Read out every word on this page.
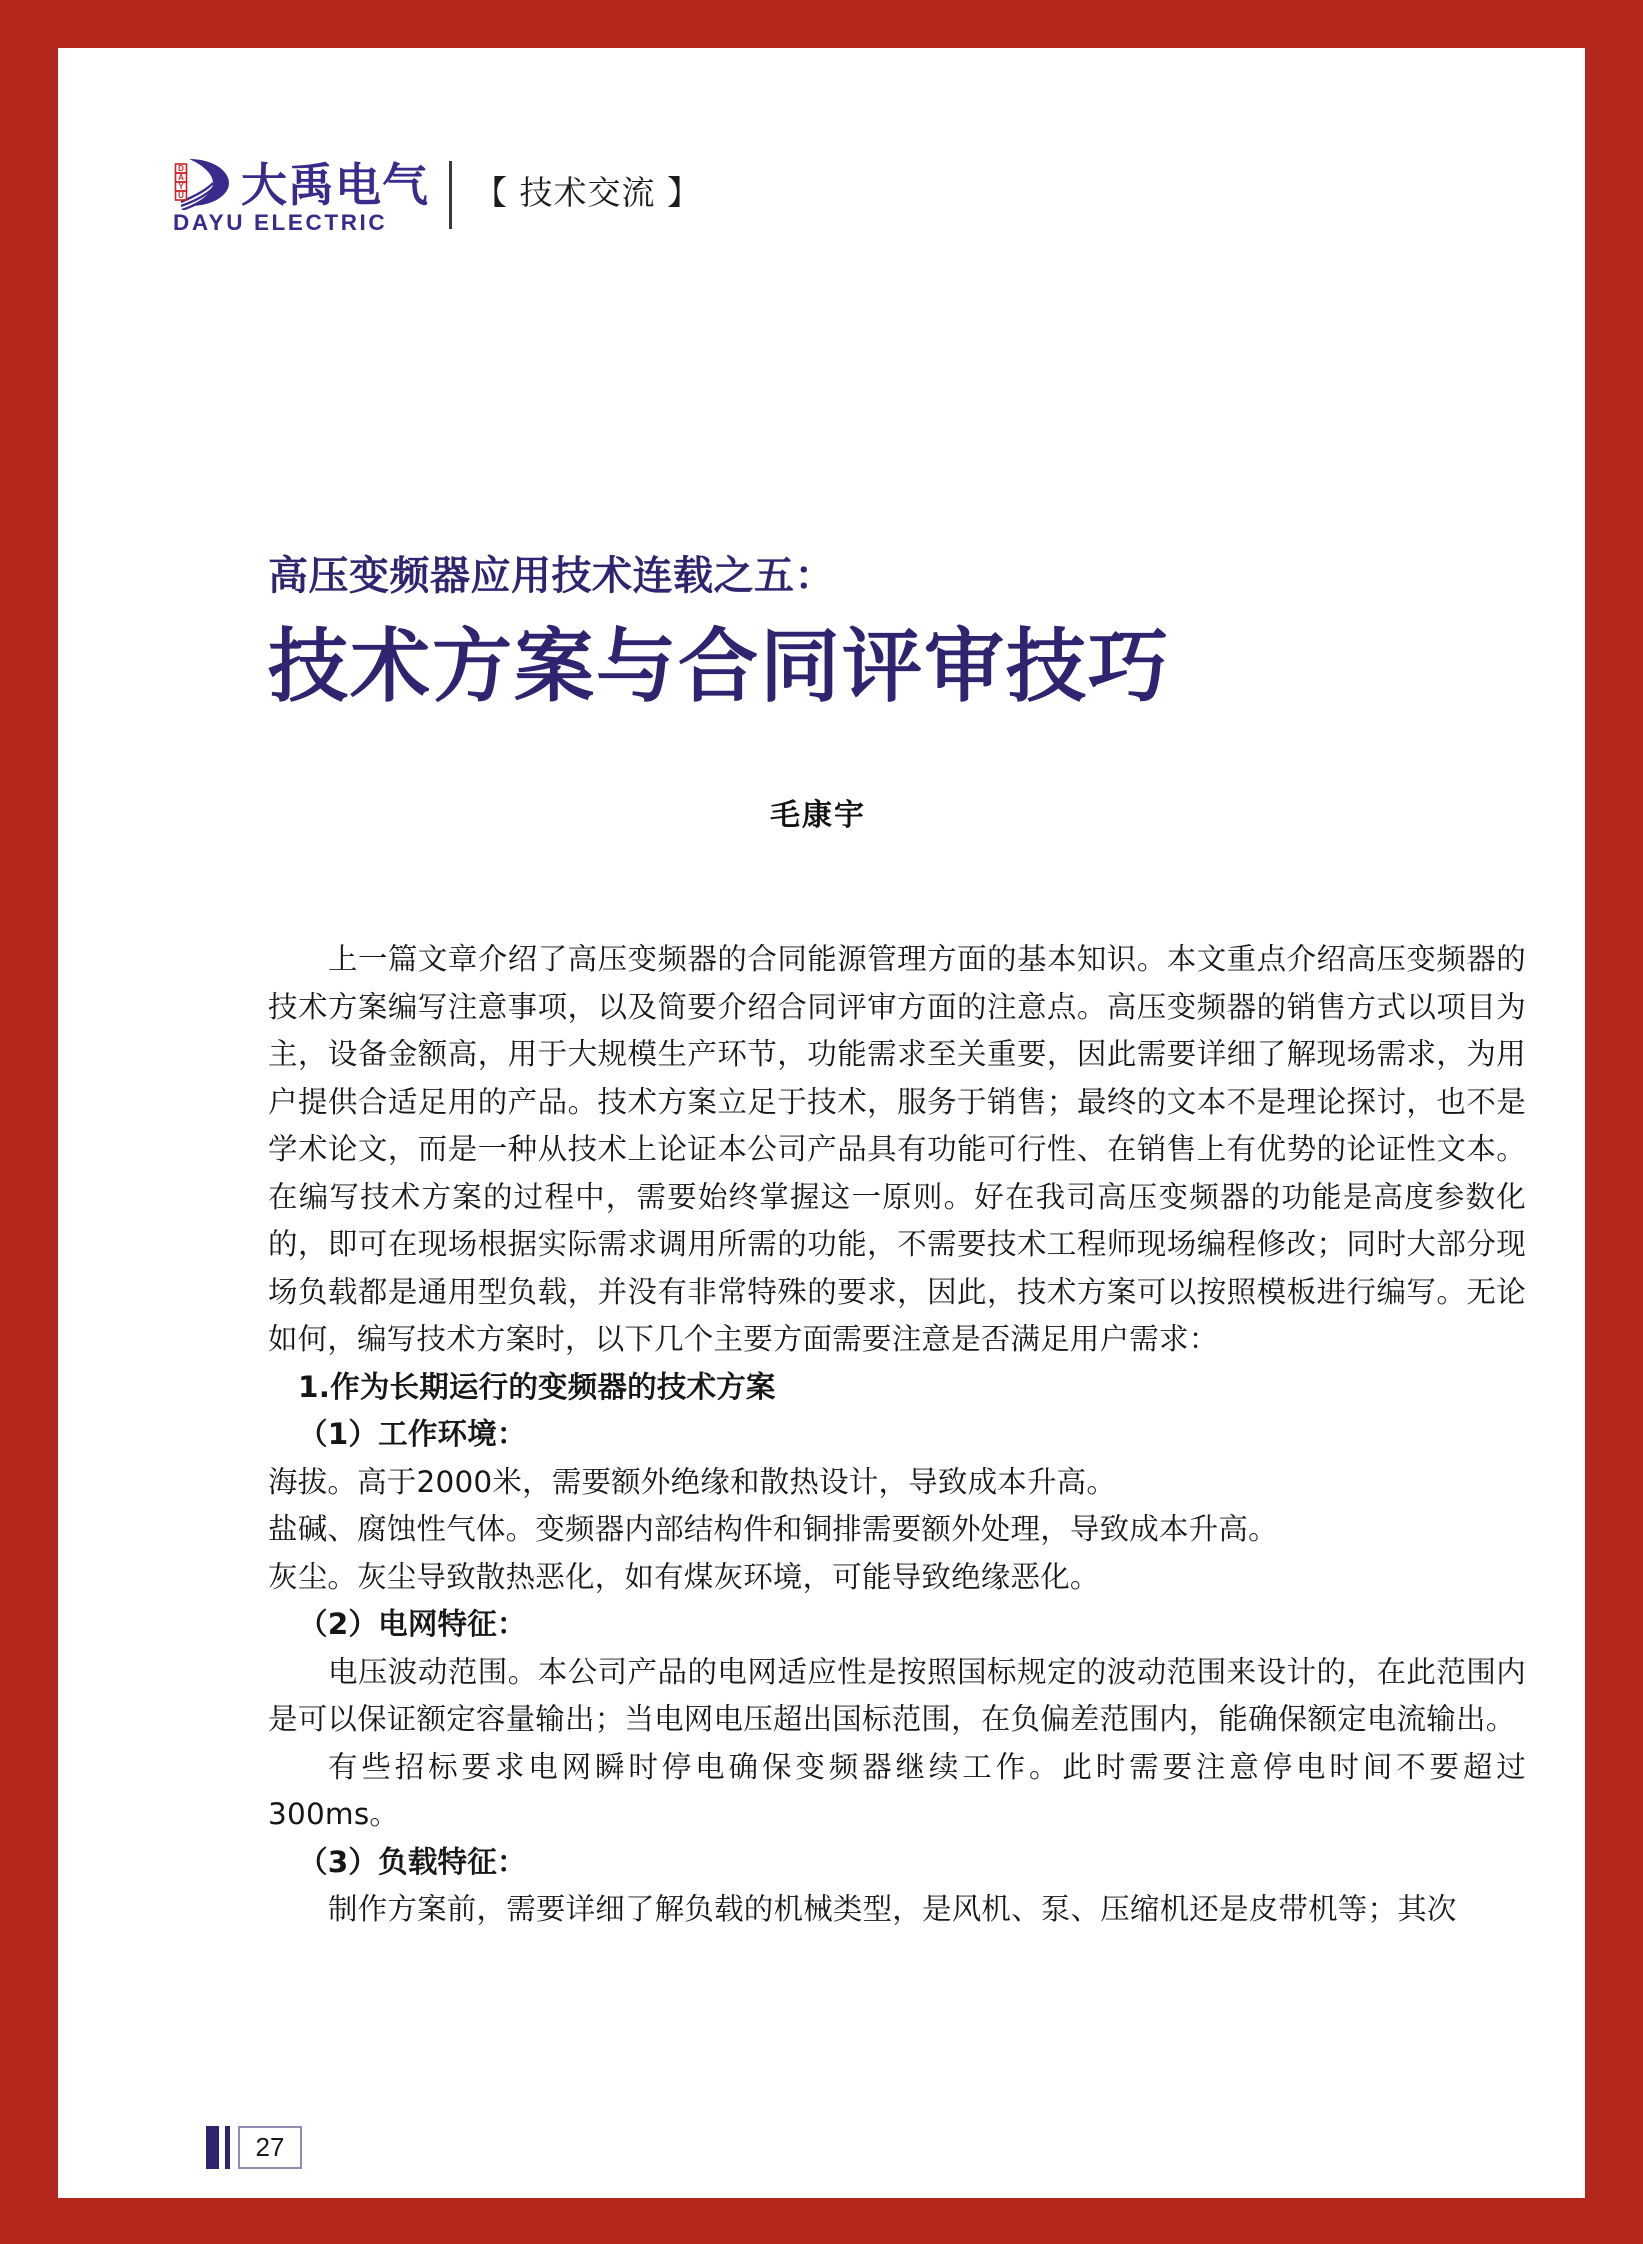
D
A
Y
U 大禹电气
DAYU ELECTRIC
【 技术交流 】
高压变频器应用技术连载之五：
技术方案与合同评审技巧
毛康宇

上一篇文章介绍了高压变频器的合同能源管理方面的基本知识。本文重点介绍高压变频器的技术方案编写注意事项，以及简要介绍合同评审方面的注意点。高压变频器的销售方式以项目为主，设备金额高，用于大规模生产环节，功能需求至关重要，因此需要详细了解现场需求，为用户提供合适足用的产品。技术方案立足于技术，服务于销售；最终的文本不是理论探讨，也不是学术论文，而是一种从技术上论证本公司产品具有功能可行性、在销售上有优势的论证性文本。在编写技术方案的过程中，需要始终掌握这一原则。好在我司高压变频器的功能是高度参数化的，即可在现场根据实际需求调用所需的功能，不需要技术工程师现场编程修改；同时大部分现场负载都是通用型负载，并没有非常特殊的要求，因此，技术方案可以按照模板进行编写。无论如何，编写技术方案时，以下几个主要方面需要注意是否满足用户需求：

1.作为长期运行的变频器的技术方案

（1）工作环境：

海拔。高于2000米，需要额外绝缘和散热设计，导致成本升高。

盐碱、腐蚀性气体。变频器内部结构件和铜排需要额外处理，导致成本升高。

灰尘。灰尘导致散热恶化，如有煤灰环境，可能导致绝缘恶化。

（2）电网特征：

电压波动范围。本公司产品的电网适应性是按照国标规定的波动范围来设计的，在此范围内是可以保证额定容量输出；当电网电压超出国标范围，在负偏差范围内，能确保额定电流输出。

有些招标要求电网瞬时停电确保变频器继续工作。此时需要注意停电时间不要超过300ms。

（3）负载特征：

制作方案前，需要详细了解负载的机械类型，是风机、泵、压缩机还是皮带机等；其次

27
